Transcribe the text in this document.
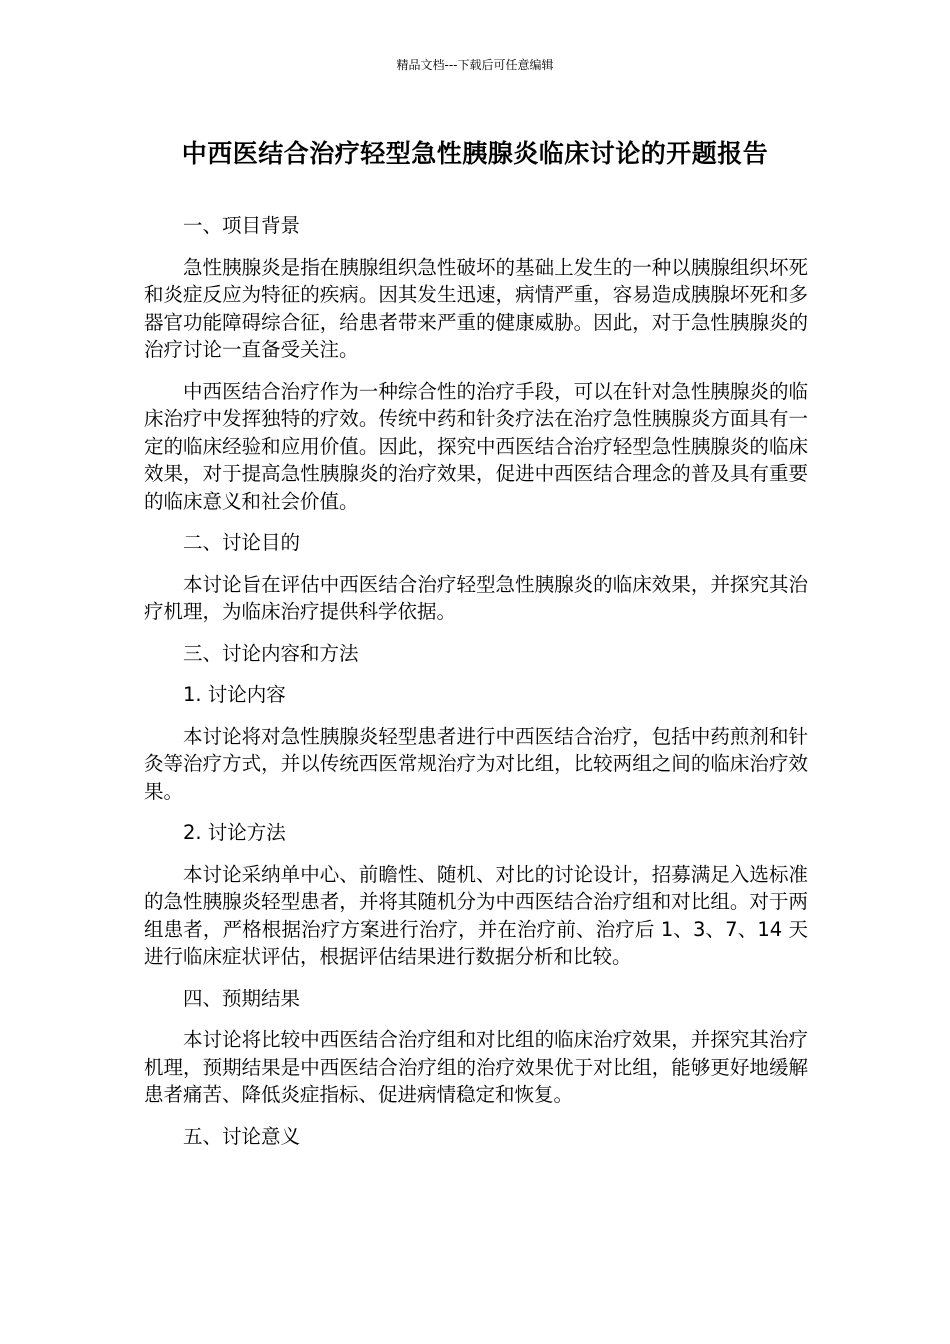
精品文档---下载后可任意编辑
中西医结合治疗轻型急性胰腺炎临床讨论的开题报告

一、项目背景

急性胰腺炎是指在胰腺组织急性破坏的基础上发生的一种以胰腺组织坏死和炎症反应为特征的疾病。因其发生迅速，病情严重，容易造成胰腺坏死和多器官功能障碍综合征，给患者带来严重的健康威胁。因此，对于急性胰腺炎的治疗讨论一直备受关注。

中西医结合治疗作为一种综合性的治疗手段，可以在针对急性胰腺炎的临床治疗中发挥独特的疗效。传统中药和针灸疗法在治疗急性胰腺炎方面具有一定的临床经验和应用价值。因此，探究中西医结合治疗轻型急性胰腺炎的临床效果，对于提高急性胰腺炎的治疗效果，促进中西医结合理念的普及具有重要的临床意义和社会价值。

二、讨论目的

本讨论旨在评估中西医结合治疗轻型急性胰腺炎的临床效果，并探究其治疗机理，为临床治疗提供科学依据。

三、讨论内容和方法

1. 讨论内容

本讨论将对急性胰腺炎轻型患者进行中西医结合治疗，包括中药煎剂和针灸等治疗方式，并以传统西医常规治疗为对比组，比较两组之间的临床治疗效果。

2. 讨论方法

本讨论采纳单中心、前瞻性、随机、对比的讨论设计，招募满足入选标准的急性胰腺炎轻型患者，并将其随机分为中西医结合治疗组和对比组。对于两组患者，严格根据治疗方案进行治疗，并在治疗前、治疗后 1、3、7、14 天进行临床症状评估，根据评估结果进行数据分析和比较。

四、预期结果

本讨论将比较中西医结合治疗组和对比组的临床治疗效果，并探究其治疗机理，预期结果是中西医结合治疗组的治疗效果优于对比组，能够更好地缓解患者痛苦、降低炎症指标、促进病情稳定和恢复。

五、讨论意义
